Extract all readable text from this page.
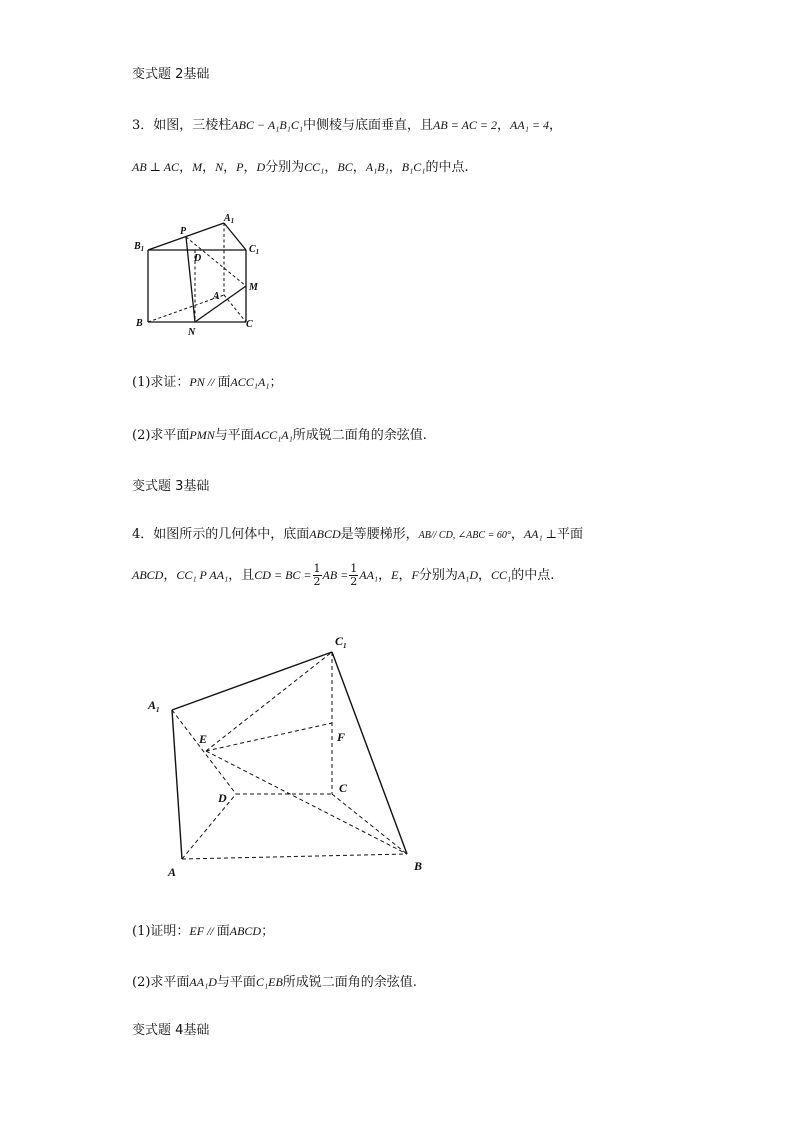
变式题 2基础
3．如图，三棱柱ABC − A₁B₁C₁中侧棱与底面垂直，且AB = AC = 2，AA₁ = 4，
AB ⊥ AC，M，N，P，D分别为CC₁，BC，A₁B₁，B₁C₁的中点.
$A_1$
$B_1$	$C_1$
P
D
A
M
B
N
C
(1)求证：PN // 面ACC₁A₁；
(2)求平面PMN与平面ACC₁A₁所成锐二面角的余弦值.
变式题 3基础
4．如图所示的几何体中，底面ABCD是等腰梯形，AB// CD, ∠ABC = 60°，AA₁ ⊥平面
ABCD，CC₁ P AA₁，且CD = BC = $\frac{1}{2}$ AB = $\frac{1}{2} AA_1$，E，F分别为A₁D，CC₁的中点.
$C_1$
$A_1$
E	F
D
C
A	B
(1)证明：EF // 面ABCD；
(2)求平面AA₁D与平面C₁EB所成锐二面角的余弦值.
变式题 4基础
